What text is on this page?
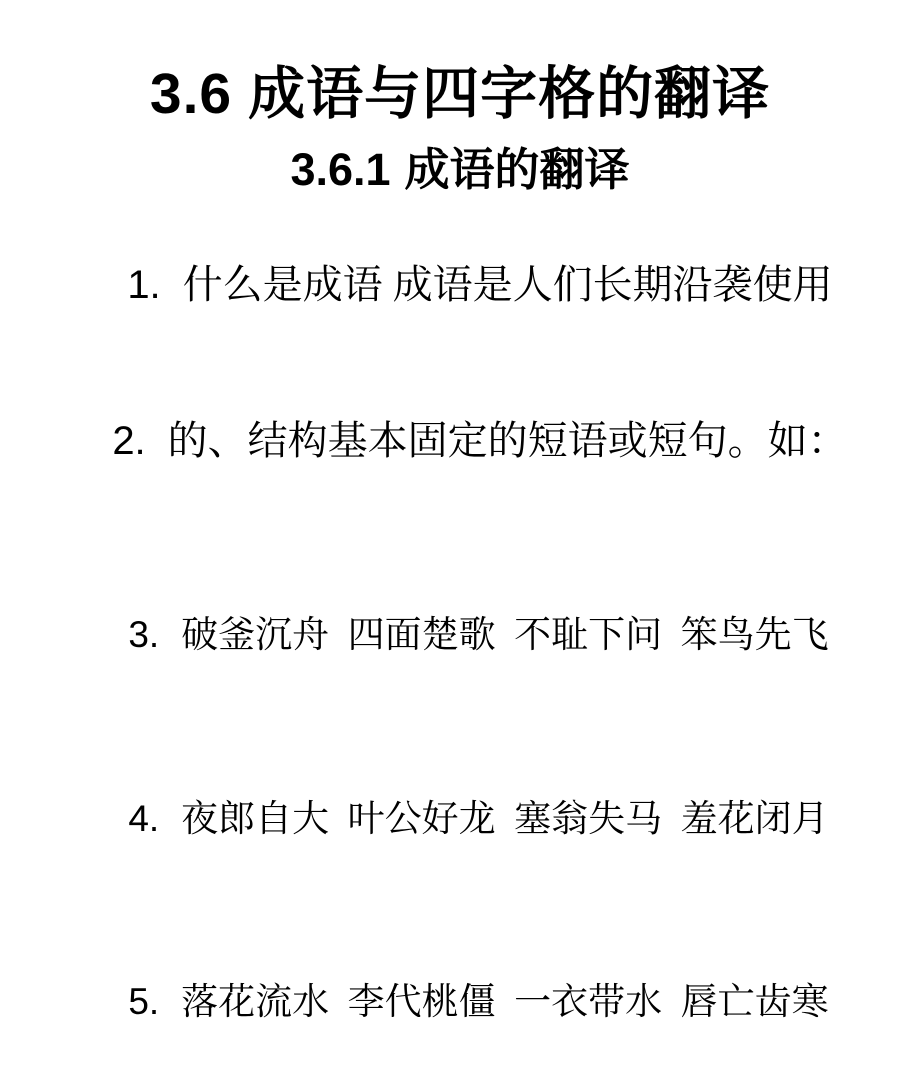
3.6 成语与四字格的翻译
3.6.1 成语的翻译

1. 什么是成语 成语是人们长期沿袭使用

2. 的、结构基本固定的短语或短句。如：

3. 破釜沉舟  四面楚歌  不耻下问  笨鸟先飞

4. 夜郎自大  叶公好龙  塞翁失马  羞花闭月

5. 落花流水  李代桃僵  一衣带水  唇亡齿寒
